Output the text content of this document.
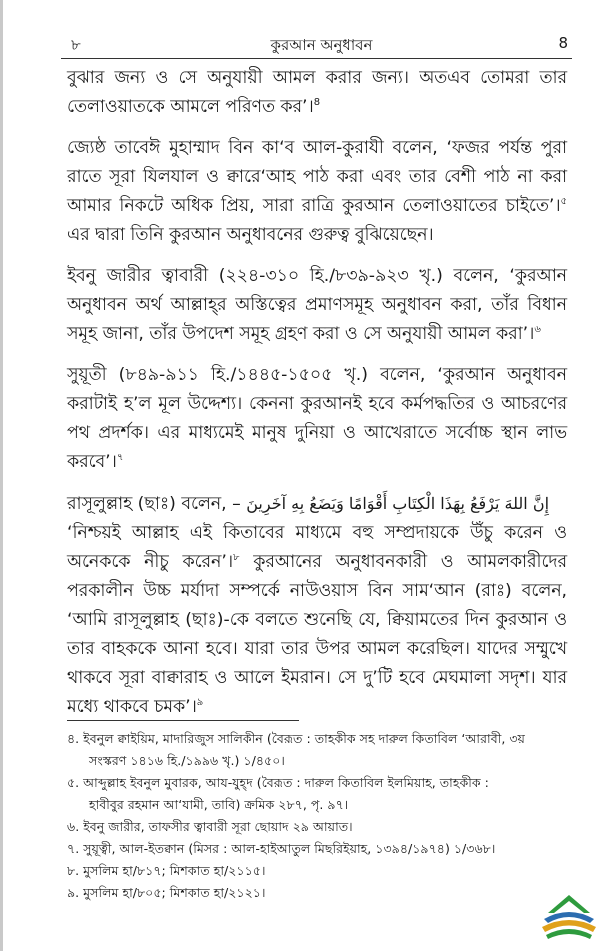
৮	কুরআন অনুধাবন	8

বুঝার জন্য ও সে অনুযায়ী আমল করার জন্য। অতএব তোমরা তার তেলাওয়াতকে আমলে পরিণত কর’।$^8$

জ্যেষ্ঠ তাবেঈ মুহাম্মাদ বিন কা‘ব আল-কুরাযী বলেন, ‘ফজর পর্যন্ত পুরা রাতে সূরা যিলযাল ও ক্বারে‘আহ পাঠ করা এবং তার বেশী পাঠ না করা আমার নিকটে অধিক প্রিয়, সারা রাত্রি কুরআন তেলাওয়াতের চাইতে’।$^৫$ এর দ্বারা তিনি কুরআন অনুধাবনের গুরুত্ব বুঝিয়েছেন।

ইবনু জারীর ত্বাবারী (২২৪-৩১০ হি./৮৩৯-৯২৩ খৃ.) বলেন, ‘কুরআন অনুধাবন অর্থ আল্লাহ্‌র অস্তিত্বের প্রমাণসমূহ অনুধাবন করা, তাঁর বিধান সমূহ জানা, তাঁর উপদেশ সমূহ গ্রহণ করা ও সে অনুযায়ী আমল করা’।$^৬$

সুয়ূতী (৮৪৯-৯১১ হি./১৪৪৫-১৫০৫ খৃ.) বলেন, ‘কুরআন অনুধাবন করাটাই হ’ল মূল উদ্দেশ্য। কেননা কুরআনই হবে কর্মপদ্ধতির ও আচরণের পথ প্রদর্শক। এর মাধ্যমেই মানুষ দুনিয়া ও আখেরাতে সর্বোচ্চ স্থান লাভ করবে’।$^৭$

রাসূলুল্লাহ (ছাঃ) বলেন, – إِنَّ اللهَ يَرْفَعُ بِهَذَا الْكِتَابِ أَقْوَامًا وَيَضَعُ بِهِ آخَرِينَ
‘নিশ্চয়ই আল্লাহ এই কিতাবের মাধ্যমে বহু সম্প্রদায়কে উঁচু করেন ও অনেককে নীচু করেন’।$^৮$ কুরআনের অনুধাবনকারী ও আমলকারীদের পরকালীন উচ্চ মর্যাদা সম্পর্কে নাউওয়াস বিন সাম‘আন (রাঃ) বলেন, ‘আমি রাসূলুল্লাহ (ছাঃ)-কে বলতে শুনেছি যে, ক্বিয়ামতের দিন কুরআন ও তার বাহককে আনা হবে। যারা তার উপর আমল করেছিল। যাদের সম্মুখে থাকবে সূরা বাক্বারাহ ও আলে ইমরান। সে দু’টি হবে মেঘমালা সদৃশ। যার মধ্যে থাকবে চমক’।$^৯$

৪. ইবনুল ক্বাইয়িম, মাদারিজুস সালিকীন (বৈরূত : তাহকীক সহ দারুল কিতাবিল ‘আরাবী, ৩য়
সংস্করণ ১৪১৬ হি./১৯৯৬ খৃ.) ১/৪৫০।
৫. আব্দুল্লাহ ইবনুল মুবারক, আয-যুহ্দ (বৈরূত : দারুল কিতাবিল ইলমিয়াহ, তাহকীক :
হাবীবুর রহমান আ‘যামী, তাবি) ক্রমিক ২৮৭, পৃ. ৯৭।
৬. ইবনু জারীর, তাফসীর ত্বাবারী সূরা ছোয়াদ ২৯ আয়াত।
৭. সুয়ূত্বী, আল-ইতক্বান (মিসর : আল-হাইআতুল মিছরিইয়াহ, ১৩৯৪/১৯৭৪) ১/৩৬৮।
৮. মুসলিম হা/৮১৭; মিশকাত হা/২১১৫।
৯. মুসলিম হা/৮০৫; মিশকাত হা/২১২১।
